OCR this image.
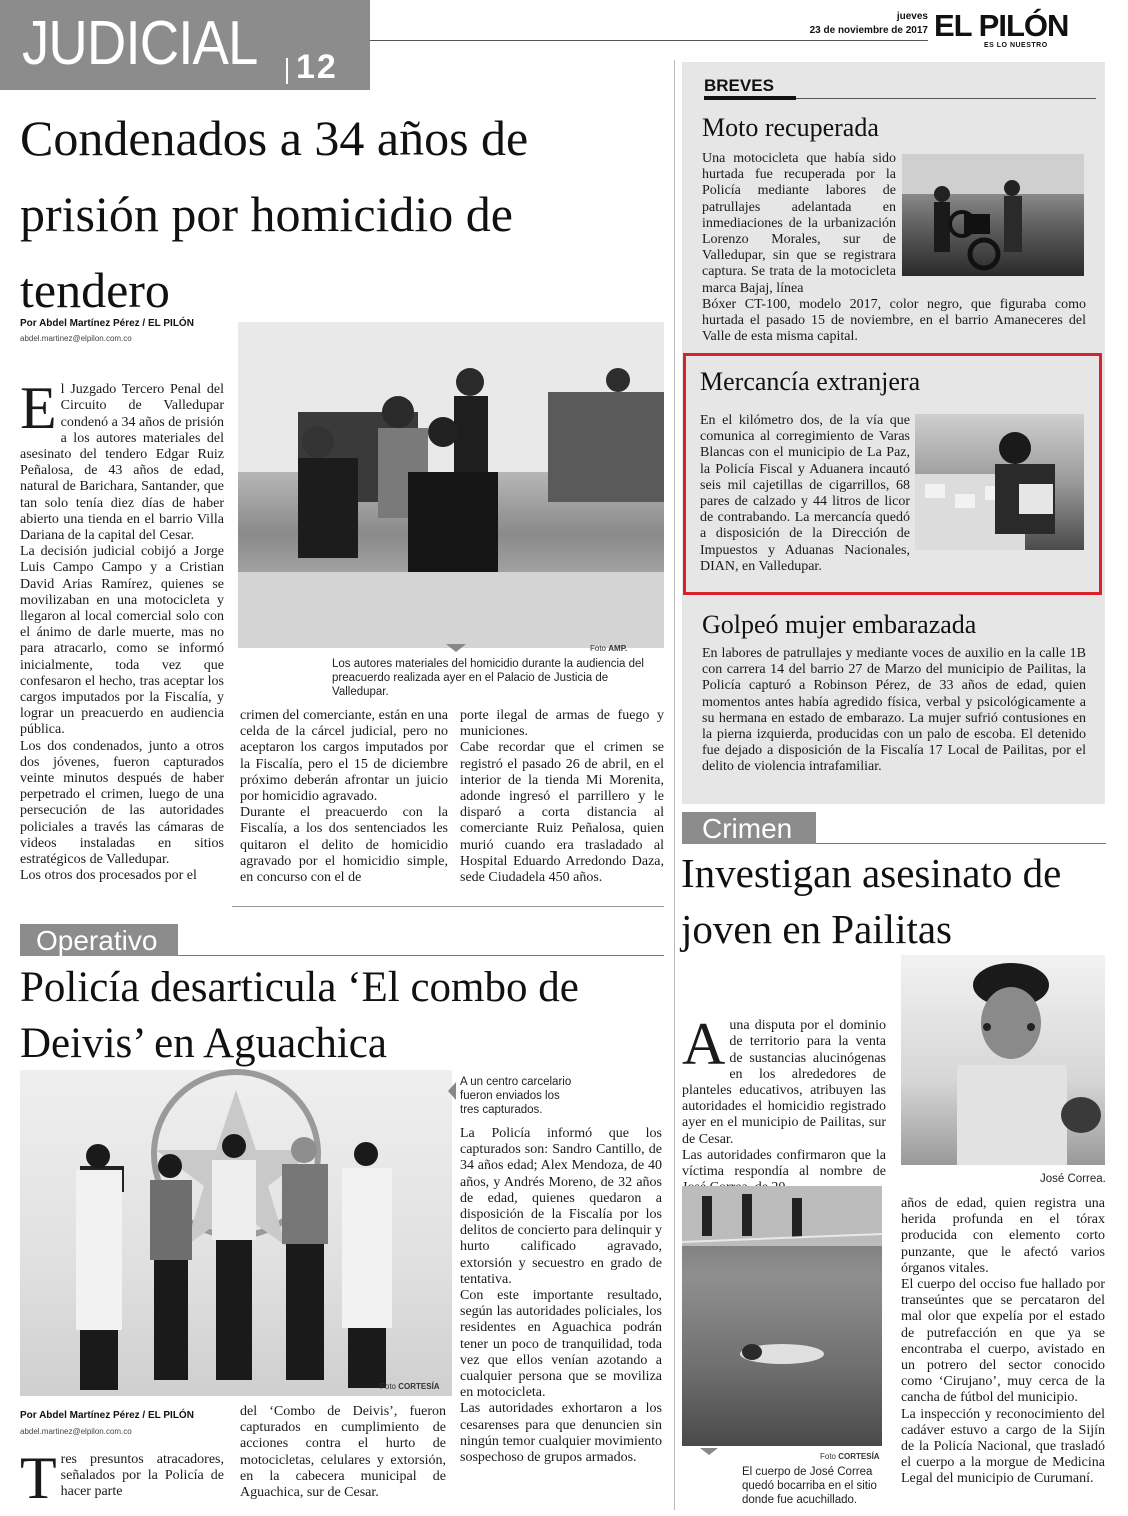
JUDICIAL 12
jueves
23 de noviembre de 2017 EL PILÓN
ES LO NUESTRO
Condenados a 34 años de prisión por homicidio de tendero
Por Abdel Martínez Pérez / EL PILÓN
abdel.martinez@elpilon.com.co

El Juzgado Tercero Penal del Circuito de Valledupar condenó a 34 años de prisión a los autores materiales del asesinato del tendero Edgar Ruiz Peñalosa, de 43 años de edad, natural de Barichara, Santander, que tan solo tenía diez días de haber abierto una tienda en el barrio Villa Dariana de la capital del Cesar.
La decisión judicial cobijó a Jorge Luis Campo Campo y a Cristian David Arias Ramírez, quienes se movilizaban en una motocicleta y llegaron al local comercial solo con el ánimo de darle muerte, mas no para atracarlo, como se informó inicialmente, toda vez que confesaron el hecho, tras aceptar los cargos imputados por la Fiscalía, y lograr un preacuerdo en audiencia pública.
Los dos condenados, junto a otros dos jóvenes, fueron capturados veinte minutos después de haber perpetrado el crimen, luego de una persecución de las autoridades policiales a través las cámaras de videos instaladas en sitios estratégicos de Valledupar.
Los otros dos procesados por el

Foto AMP.
Los autores materiales del homicidio durante la audiencia del preacuerdo realizada ayer en el Palacio de Justicia de Valledupar.
crimen del comerciante, están en una celda de la cárcel judicial, pero no aceptaron los cargos imputados por la Fiscalía, pero el 15 de diciembre próximo deberán afrontar un juicio por homicidio agravado.
Durante el preacuerdo con la Fiscalía, a los dos sentenciados les quitaron el delito de homicidio agravado por el homicidio simple, en concurso con el de
porte ilegal de armas de fuego y municiones.
Cabe recordar que el crimen se registró el pasado 26 de abril, en el interior de la tienda Mi Morenita, adonde ingresó el parrillero y le disparó a corta distancia al comerciante Ruiz Peñalosa, quien murió cuando era trasladado al Hospital Eduardo Arredondo Daza, sede Ciudadela 450 años.
BREVES
Moto recuperada
Una motocicleta que había sido hurtada fue recuperada por la Policía mediante labores de patrullajes adelantada en inmediaciones de la urbanización Lorenzo Morales, sur de Valledupar, sin que se registrara captura. Se trata de la motocicleta marca Bajaj, línea
Bóxer CT-100, modelo 2017, color negro, que figuraba como hurtada el pasado 15 de noviembre, en el barrio Amaneceres del Valle de esta misma capital.
Mercancía extranjera
En el kilómetro dos, de la vía que comunica al corregimiento de Varas Blancas con el municipio de La Paz, la Policía Fiscal y Aduanera incautó seis mil cajetillas de cigarrillos, 68 pares de calzado y 44 litros de licor de contrabando. La mercancía quedó a disposición de la Dirección de Impuestos y Aduanas Nacionales, DIAN, en Valledupar.
Golpeó mujer embarazada
En labores de patrullajes y mediante voces de auxilio en la calle 1B con carrera 14 del barrio 27 de Marzo del municipio de Pailitas, la Policía capturó a Robinson Pérez, de 33 años de edad, quien momentos antes había agredido física, verbal y psicológicamente a su hermana en estado de embarazo. La mujer sufrió contusiones en la pierna izquierda, producidas con un palo de escoba. El detenido fue dejado a disposición de la Fiscalía 17 Local de Pailitas, por el delito de violencia intrafamiliar.
Crimen
Investigan asesinato de joven en Pailitas

Auna disputa por el dominio de territorio para la venta de sustancias alucinógenas en los alrededores de planteles educativos, atribuyen las autoridades el homicidio registrado ayer en el municipio de Pailitas, sur de Cesar.
Las autoridades confirmaron que la víctima respondía al nombre de	José Correa.
Foto CORTESÍA
El cuerpo de José Correa quedó bocarriba en el sitio donde fue acuchillado.
años de edad, quien registra una herida profunda en el tórax producida con elemento corto punzante, que le afectó varios órganos vitales.
El cuerpo del occiso fue hallado por transeúntes que se percataron del mal olor que expelía por el estado de putrefacción en que ya se encontraba el cuerpo, avistado en un potrero del sector conocido como ‘Cirujano’, muy cerca de la cancha de fútbol del municipio.
La inspección y reconocimiento del cadáver estuvo a cargo de la Sijín de la Policía Nacional, que trasladó el cuerpo a la morgue de Medicina Legal del municipio de Curumaní.
Operativo
Policía desarticula ‘El combo de Deivis’ en Aguachica
Foto CORTESÍA
A un centro carcelario fueron enviados los tres capturados.
La Policía informó que los capturados son: Sandro Cantillo, de 34 años edad; Alex Mendoza, de 40 años, y Andrés Moreno, de 32 años de edad, quienes quedaron a disposición de la Fiscalía por los delitos de concierto para delinquir y hurto calificado agravado, extorsión y secuestro en grado de tentativa.
Con este importante resultado, según las autoridades policiales, los residentes en Aguachica podrán tener un poco de tranquilidad, toda vez que ellos venían azotando a cualquier persona que se moviliza en motocicleta.
Las autoridades exhortaron a los cesarenses para que denuncien sin ningún temor cualquier movimiento sospechoso de grupos armados.
Por Abdel Martínez Pérez / EL PILÓN
abdel.martinez@elpilon.com.co
Tres presuntos atracadores, señalados por la Policía de hacer parte
del ‘Combo de Deivis’, fueron capturados en cumplimiento de acciones contra el hurto de motocicletas, celulares y extorsión, en la cabecera municipal de Aguachica, sur de Cesar.
